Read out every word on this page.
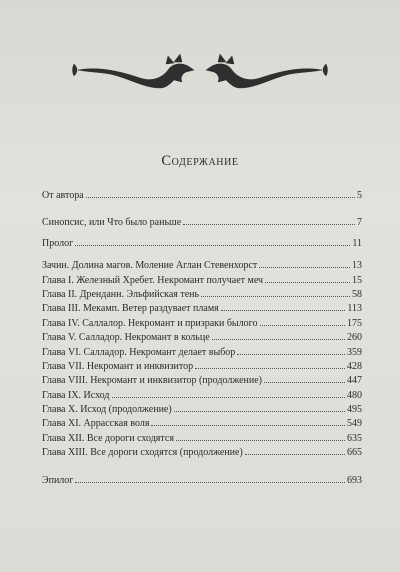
Содержание
От автора	5
Синопсис, или Что было раньше	7
Пролог	11
Зачин. Долина магов. Моление Аглан Стевенхорст	13
Глава I. Железный Хребет. Некромант получает меч	15
Глава II. Дренданн. Эльфийская тень	58
Глава III. Мекамп. Ветер раздувает пламя	113
Глава IV. Саллалор. Некромант и призраки былого	175
Глава V. Салладор. Некромант в кольце	260
Глава VI. Салладор. Некромант делает выбор	359
Глава VII. Некромант и инквизитор	428
Глава VIII. Некромант и инквизитор (продолжение)	447
Глава IX. Исход	480
Глава X. Исход (продолжение)	495
Глава XI. Аррасская воля	549
Глава XII. Все дороги сходятся	635
Глава XIII. Все дороги сходятся (продолжение)	665
Эпилог	693
